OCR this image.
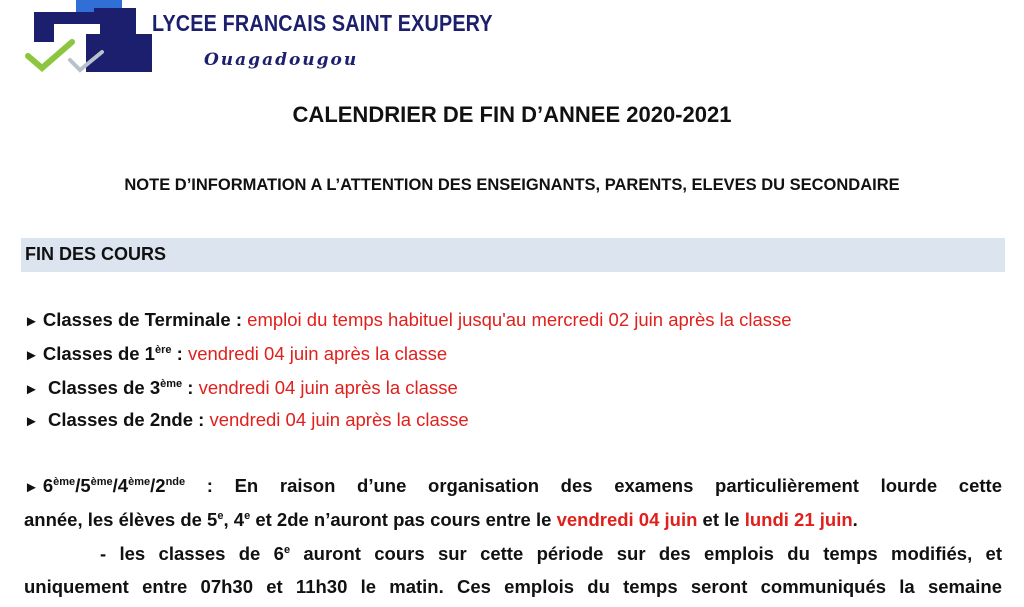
LYCEE FRANCAIS SAINT EXUPERY
Ouagadougou
CALENDRIER DE FIN D’ANNEE 2020-2021
NOTE D’INFORMATION A L’ATTENTION DES ENSEIGNANTS, PARENTS, ELEVES DU SECONDAIRE
FIN DES COURS
► Classes de Terminale : emploi du temps habituel jusqu'au mercredi 02 juin après la classe
► Classes de 1ère : vendredi 04 juin après la classe
► Classes de 3ème : vendredi 04 juin après la classe
► Classes de 2nde : vendredi 04 juin après la classe
► 6ème/5ème/4ème/2nde : En raison d’une organisation des examens particulièrement lourde cette
année, les élèves de 5e, 4e et 2de n’auront pas cours entre le vendredi 04 juin et le lundi 21 juin.
- les classes de 6e auront cours sur cette période sur des emplois du temps modifiés, et
uniquement entre 07h30 et 11h30 le matin. Ces emplois du temps seront communiqués la semaine
